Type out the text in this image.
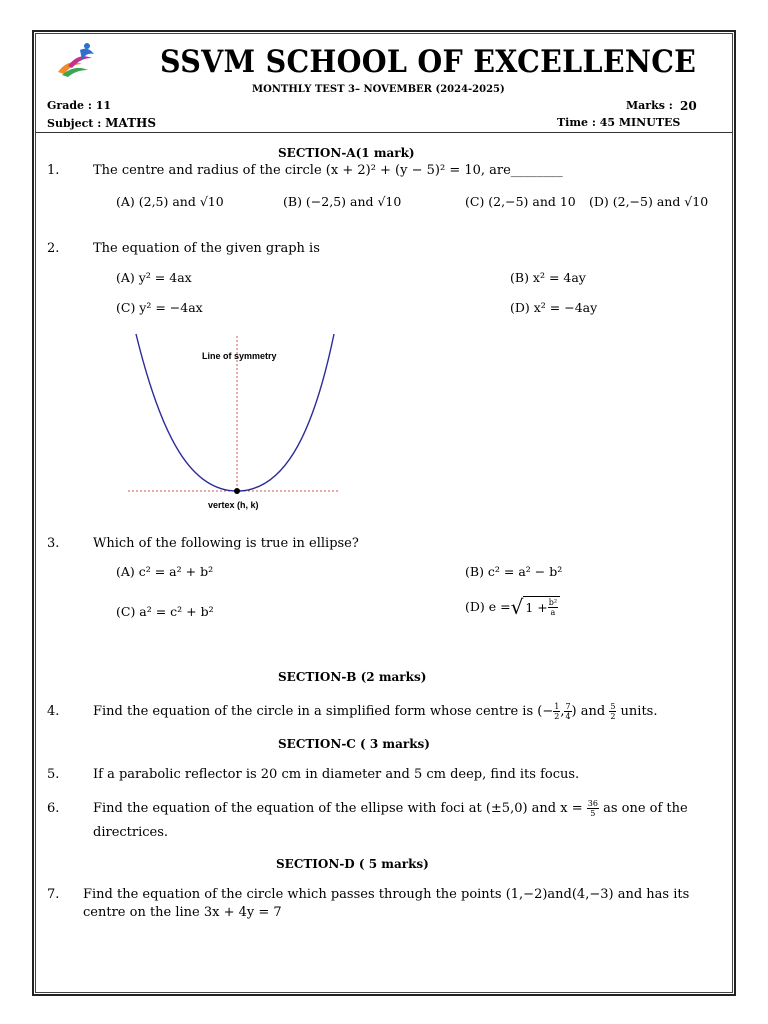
SSVM SCHOOL OF EXCELLENCE
MONTHLY TEST 3– NOVEMBER (2024-2025)
Grade : 11	Marks : 20
Subject : MATHS	Time : 45 MINUTES
SECTION-A(1 mark)
1.	The centre and radius of the circle (x + 2)² + (y − 5)² = 10, are________
(A) (2,5) and √10	(B) (−2,5) and √10	(C) (2,−5) and 10 (D) (2,−5) and √10
2.	The equation of the given graph is
(A) y² = 4ax	(B) x² = 4ay
(C) y² = −4ax	(D) x² = −4ay
Line of symmetry
vertex (h, k)
3.	Which of the following is true in ellipse?
(A) c² = a² + b²	(B) c² = a² − b²
(C) a² = c² + b²	(D) e = √ $1 + \frac{\text{b²}}{a}$
SECTION-B (2 marks)
4.	Find the equation of the circle in a simplified form whose centre is (− $\frac{1}{2}$ , $\frac{7}{4}$ ) and $\frac{5}{2}$ units.
SECTION-C ( 3 marks)
5.	If a parabolic reflector is 20 cm in diameter and 5 cm deep, find its focus.
6.	Find the equation of the equation of the ellipse with foci at (±5,0) and $x = \frac{36}{5}$ as one of the
directrices.
SECTION-D ( 5 marks)
7. Find the equation of the circle which passes through the points (1,−2)and(4,−3) and has its
centre on the line 3x + 4y = 7
